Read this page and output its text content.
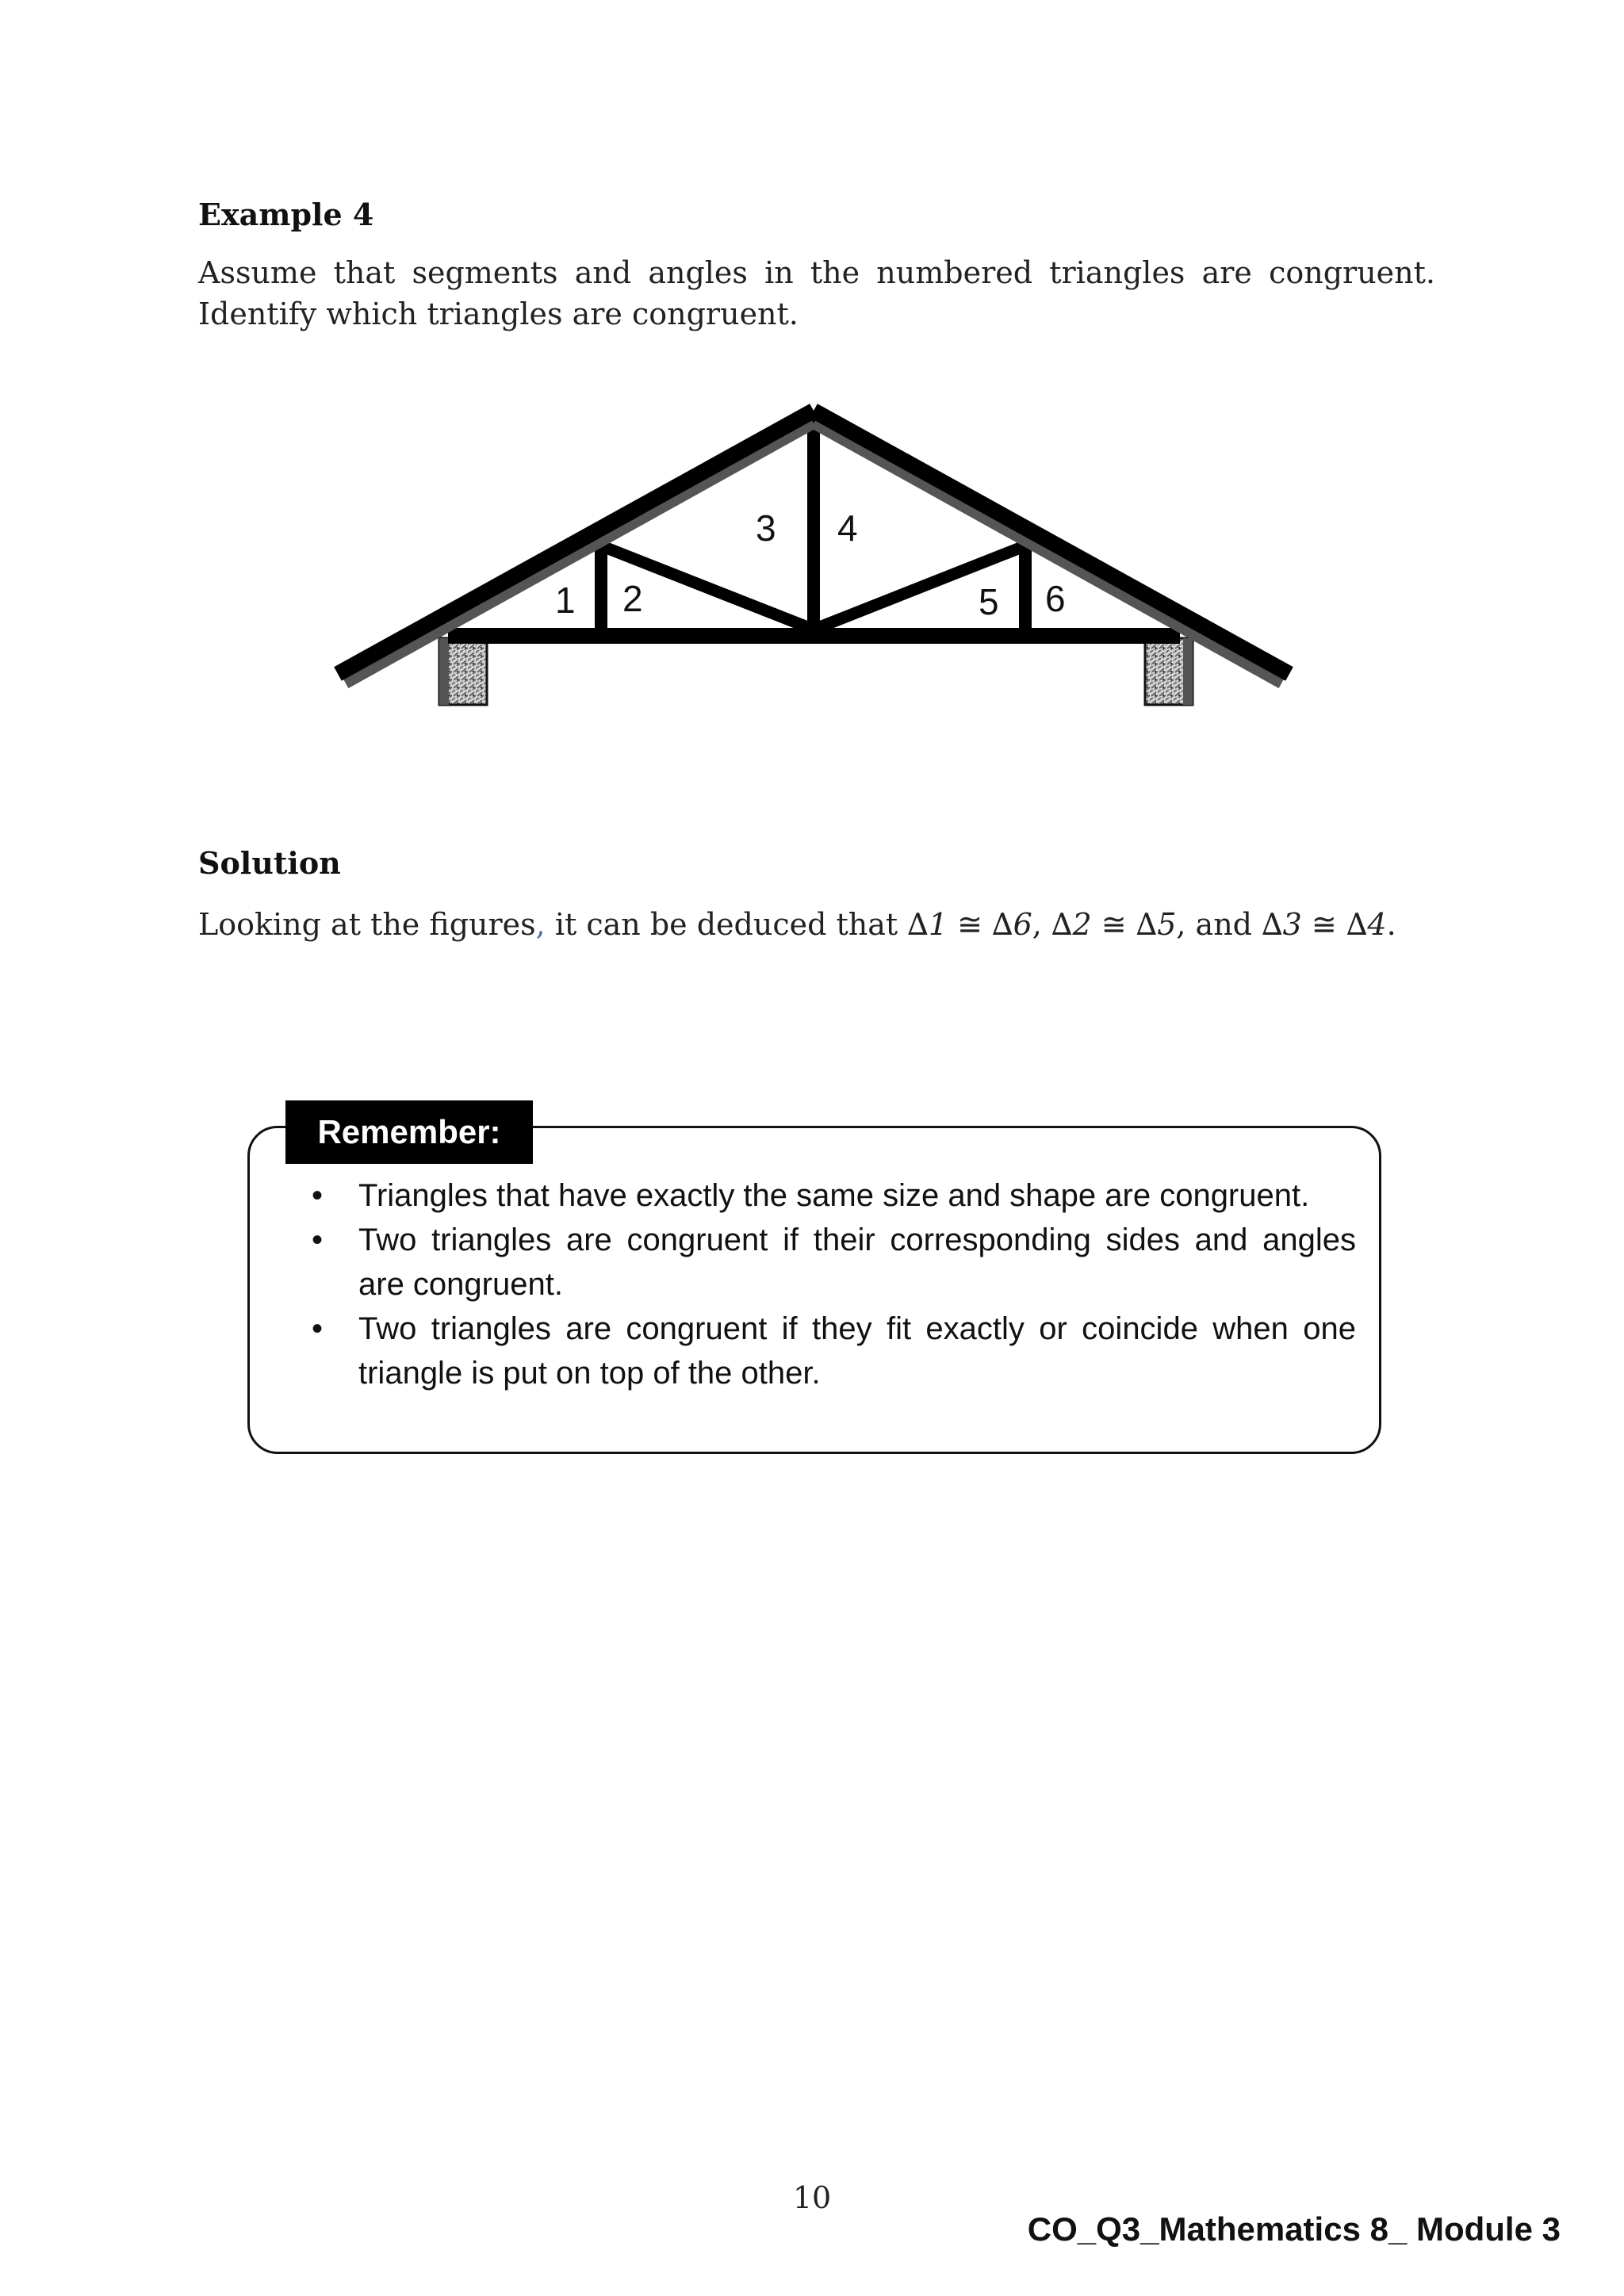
Example 4
Assume that segments and angles in the numbered triangles are congruent. Identify which triangles are congruent.
1 2
3 4
5 6
Solution
Looking at the figures, it can be deduced that ∆1 ≅ ∆6, ∆2 ≅ ∆5, and ∆3 ≅ ∆4.
Remember:
•	Triangles that have exactly the same size and shape are congruent.
•	Two triangles are congruent if their corresponding sides and angles are congruent.
•	Two triangles are congruent if they fit exactly or coincide when one triangle is put on top of the other.
10
CO_Q3_Mathematics 8_ Module 3
